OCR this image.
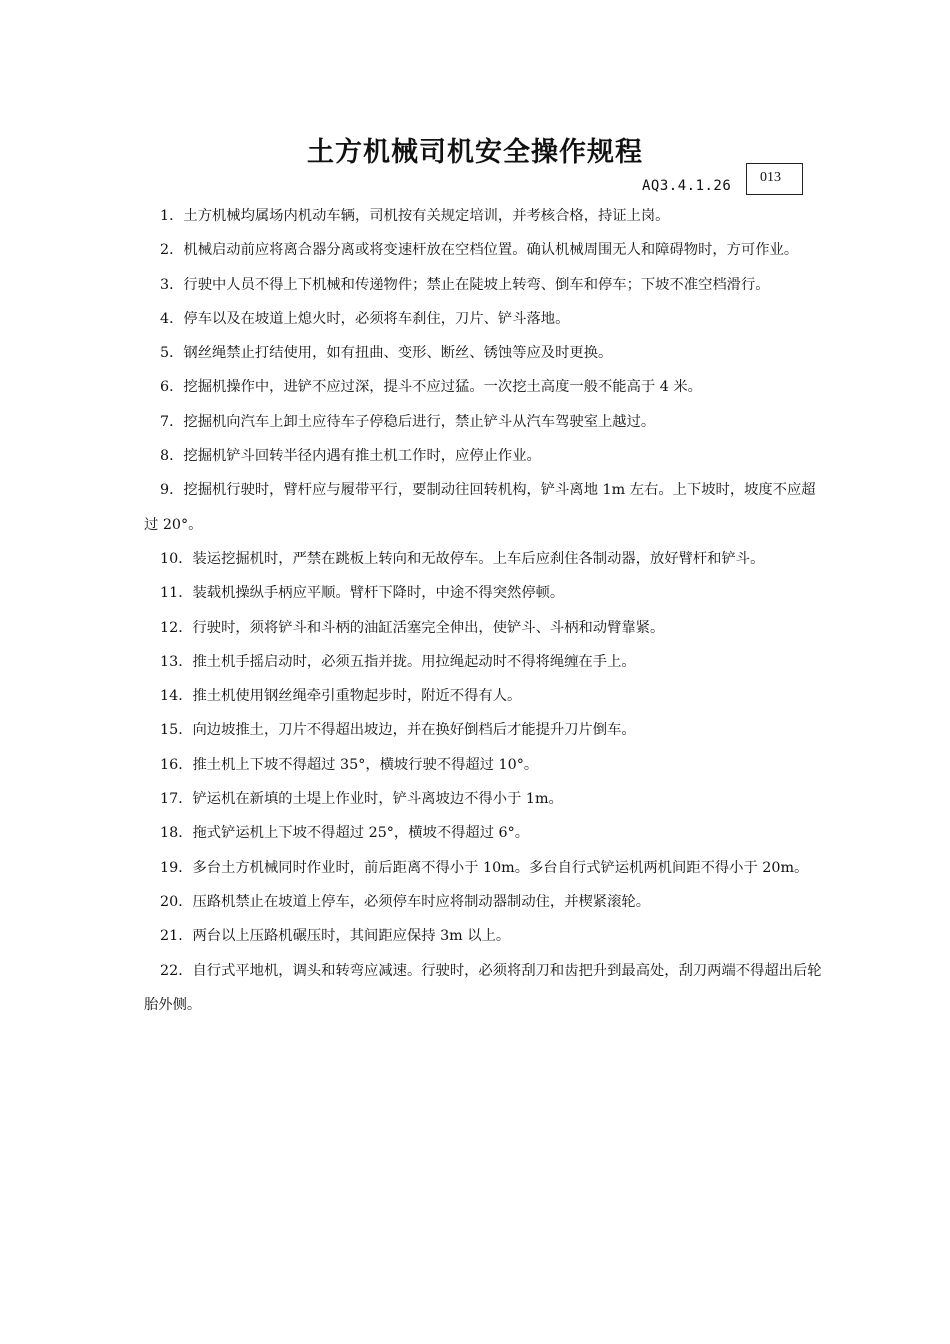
土方机械司机安全操作规程
AQ3.4.1.26
013

1．土方机械均属场内机动车辆，司机按有关规定培训，并考核合格，持证上岗。

2．机械启动前应将离合器分离或将变速杆放在空档位置。确认机械周围无人和障碍物时，方可作业。

3．行驶中人员不得上下机械和传递物件；禁止在陡坡上转弯、倒车和停车；下坡不准空档滑行。

4．停车以及在坡道上熄火时，必须将车刹住，刀片、铲斗落地。

5．钢丝绳禁止打结使用，如有扭曲、变形、断丝、锈蚀等应及时更换。

6．挖掘机操作中，进铲不应过深，提斗不应过猛。一次挖土高度一般不能高于 4 米。

7．挖掘机向汽车上卸土应待车子停稳后进行，禁止铲斗从汽车驾驶室上越过。

8．挖掘机铲斗回转半径内遇有推土机工作时，应停止作业。

9．挖掘机行驶时，臂杆应与履带平行，要制动往回转机构，铲斗离地 1m 左右。上下坡时，坡度不应超过 20°。

10．装运挖掘机时，严禁在跳板上转向和无故停车。上车后应刹住各制动器，放好臂杆和铲斗。

11．装载机操纵手柄应平顺。臂杆下降时，中途不得突然停顿。

12．行驶时，须将铲斗和斗柄的油缸活塞完全伸出，使铲斗、斗柄和动臂靠紧。

13．推土机手摇启动时，必须五指并拢。用拉绳起动时不得将绳缠在手上。

14．推土机使用钢丝绳牵引重物起步时，附近不得有人。

15．向边坡推土，刀片不得超出坡边，并在换好倒档后才能提升刀片倒车。

16．推土机上下坡不得超过 35°，横坡行驶不得超过 10°。

17．铲运机在新填的土堤上作业时，铲斗离坡边不得小于 1m。

18．拖式铲运机上下坡不得超过 25°，横坡不得超过 6°。

19．多台土方机械同时作业时，前后距离不得小于 10m。多台自行式铲运机两机间距不得小于 20m。

20．压路机禁止在坡道上停车，必须停车时应将制动器制动住，并楔紧滚轮。

21．两台以上压路机碾压时，其间距应保持 3m 以上。

22．自行式平地机，调头和转弯应减速。行驶时，必须将刮刀和齿把升到最高处，刮刀两端不得超出后轮胎外侧。
